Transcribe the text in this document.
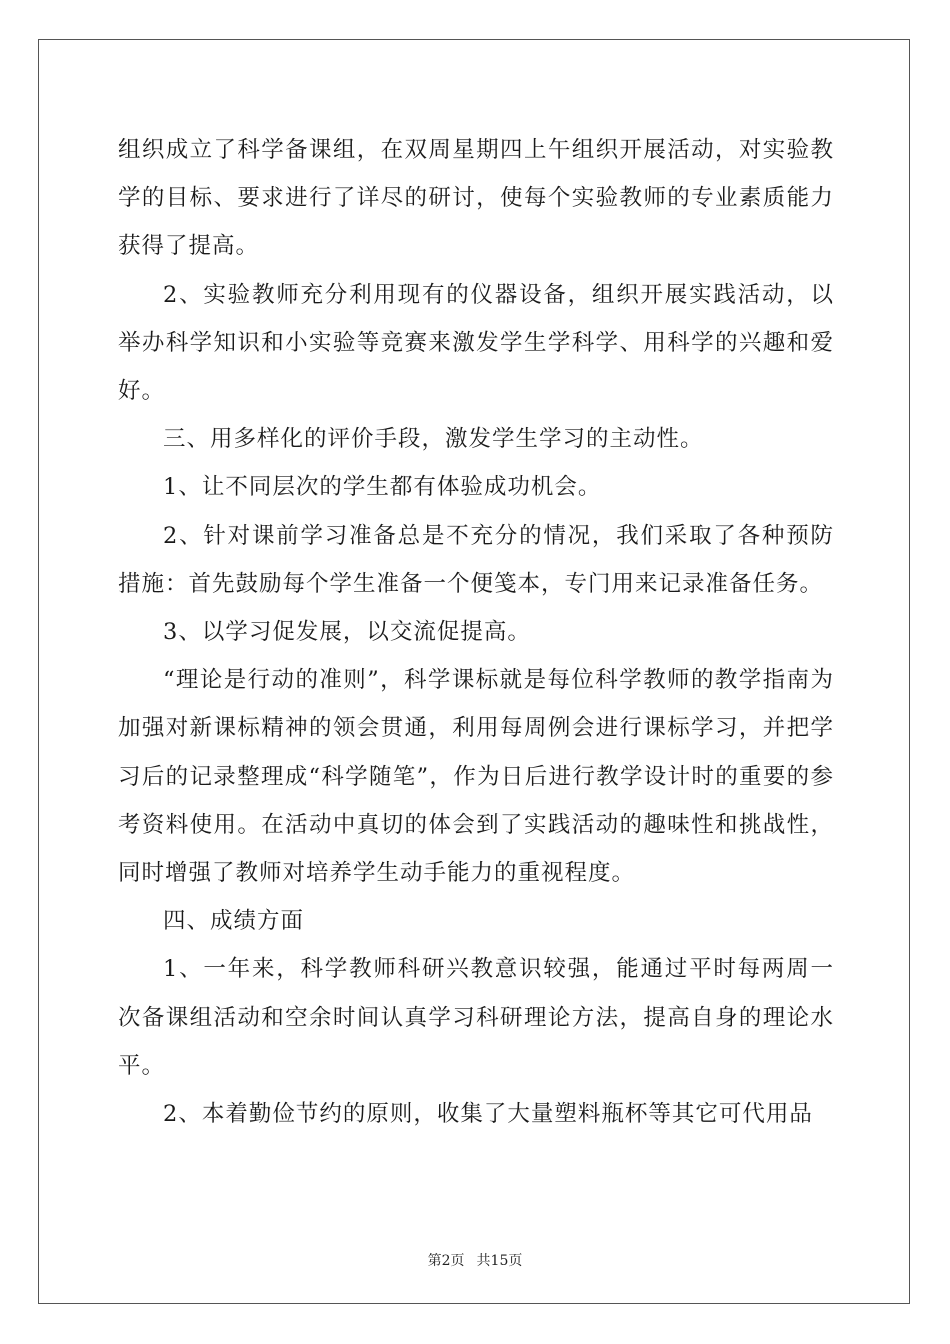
组织成立了科学备课组，在双周星期四上午组织开展活动，对实验教学的目标、要求进行了详尽的研讨，使每个实验教师的专业素质能力获得了提高。

2、实验教师充分利用现有的仪器设备，组织开展实践活动，以举办科学知识和小实验等竞赛来激发学生学科学、用科学的兴趣和爱好。

三、用多样化的评价手段，激发学生学习的主动性。

1、让不同层次的学生都有体验成功机会。

2、针对课前学习准备总是不充分的情况，我们采取了各种预防措施：首先鼓励每个学生准备一个便笺本，专门用来记录准备任务。

3、以学习促发展，以交流促提高。

“理论是行动的准则”，科学课标就是每位科学教师的教学指南为加强对新课标精神的领会贯通，利用每周例会进行课标学习，并把学习后的记录整理成“科学随笔”，作为日后进行教学设计时的重要的参考资料使用。在活动中真切的体会到了实践活动的趣味性和挑战性，同时增强了教师对培养学生动手能力的重视程度。

四、成绩方面

1、一年来，科学教师科研兴教意识较强，能通过平时每两周一次备课组活动和空余时间认真学习科研理论方法，提高自身的理论水平。

2、本着勤俭节约的原则，收集了大量塑料瓶杯等其它可代用品

第2页 共15页
